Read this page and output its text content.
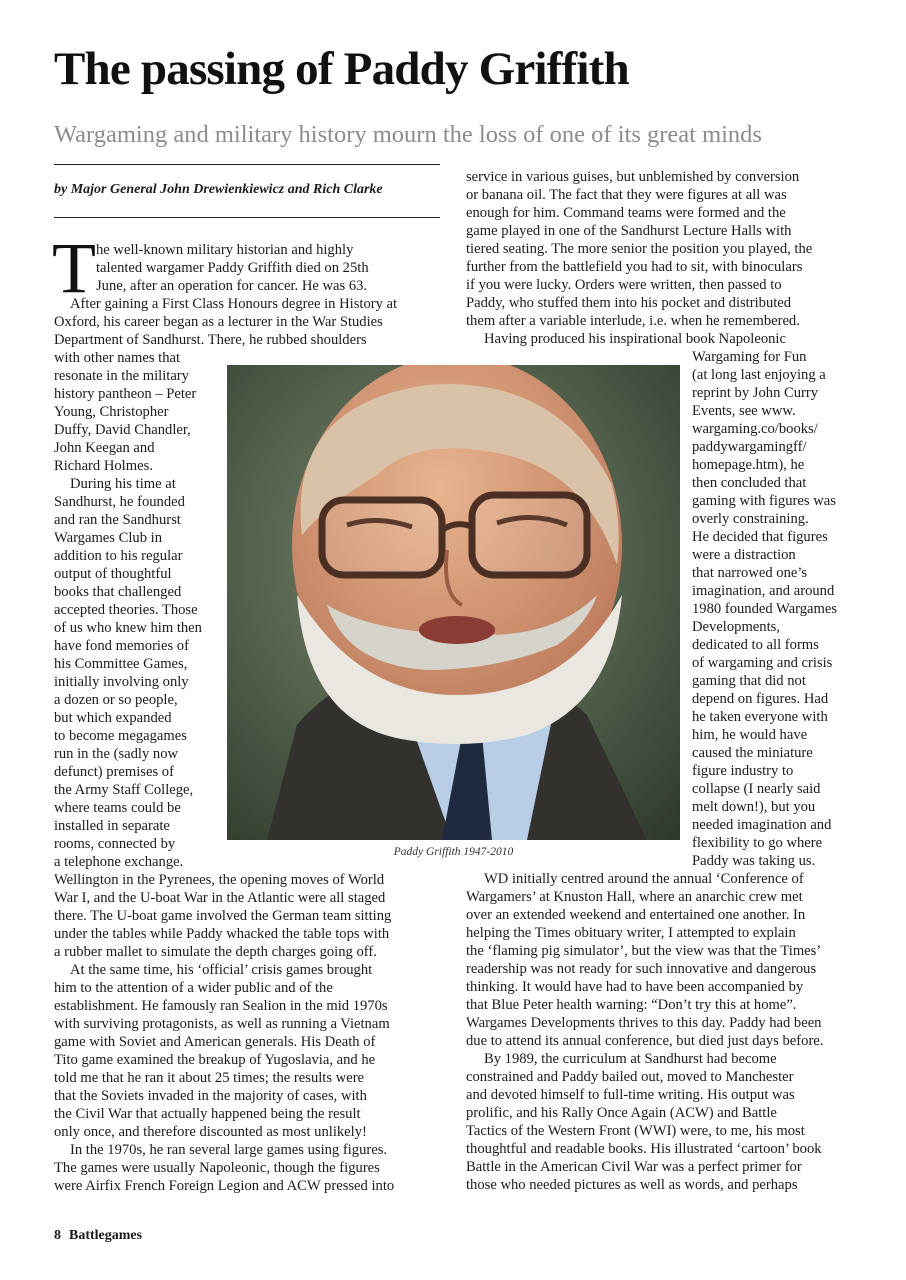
The passing of Paddy Griffith
Wargaming and military history mourn the loss of one of its great minds
by Major General John Drewienkiewicz and Rich Clarke
T he well-known military historian and highly
talented wargamer Paddy Griffith died on 25th
June, after an operation for cancer. He was 63.
After gaining a First Class Honours degree in History at
Oxford, his career began as a lecturer in the War Studies
Department of Sandhurst. There, he rubbed shoulders
with other names that
resonate in the military
history pantheon – Peter
Young, Christopher
Duffy, David Chandler,
John Keegan and
Richard Holmes.
During his time at
Sandhurst, he founded
and ran the Sandhurst
Wargames Club in
addition to his regular
output of thoughtful
books that challenged
accepted theories. Those
of us who knew him then
have fond memories of
his Committee Games,
initially involving only
a dozen or so people,
but which expanded
to become megagames
run in the (sadly now
defunct) premises of
the Army Staff College,
where teams could be
installed in separate
rooms, connected by
a telephone exchange.
Wellington in the Pyrenees, the opening moves of World
War I, and the U-boat War in the Atlantic were all staged
there. The U-boat game involved the German team sitting
under the tables while Paddy whacked the table tops with
a rubber mallet to simulate the depth charges going off.
At the same time, his ‘official’ crisis games brought
him to the attention of a wider public and of the
establishment. He famously ran Sealion in the mid 1970s
with surviving protagonists, as well as running a Vietnam
game with Soviet and American generals. His Death of
Tito game examined the breakup of Yugoslavia, and he
told me that he ran it about 25 times; the results were
that the Soviets invaded in the majority of cases, with
the Civil War that actually happened being the result
only once, and therefore discounted as most unlikely!
In the 1970s, he ran several large games using figures.
The games were usually Napoleonic, though the figures
were Airfix French Foreign Legion and ACW pressed into
service in various guises, but unblemished by conversion
or banana oil. The fact that they were figures at all was
enough for him. Command teams were formed and the
game played in one of the Sandhurst Lecture Halls with
tiered seating. The more senior the position you played, the
further from the battlefield you had to sit, with binoculars
if you were lucky. Orders were written, then passed to
Paddy, who stuffed them into his pocket and distributed
them after a variable interlude, i.e. when he remembered.
Having produced his inspirational book Napoleonic
Wargaming for Fun
(at long last enjoying a
reprint by John Curry
Events, see www.
wargaming.co/books/
paddywargamingff/
homepage.htm), he
then concluded that
gaming with figures was
overly constraining.
He decided that figures
were a distraction
that narrowed one’s
imagination, and around
1980 founded Wargames
Developments,
dedicated to all forms
of wargaming and crisis
gaming that did not
depend on figures. Had
he taken everyone with
him, he would have
caused the miniature
figure industry to
collapse (I nearly said
melt down!), but you
needed imagination and
flexibility to go where
Paddy was taking us.
WD initially centred around the annual ‘Conference of
Wargamers’ at Knuston Hall, where an anarchic crew met
over an extended weekend and entertained one another. In
helping the Times obituary writer, I attempted to explain
the ‘flaming pig simulator’, but the view was that the Times’
readership was not ready for such innovative and dangerous
thinking. It would have had to have been accompanied by
that Blue Peter health warning: “Don’t try this at home”.
Wargames Developments thrives to this day. Paddy had been
due to attend its annual conference, but died just days before.
By 1989, the curriculum at Sandhurst had become
constrained and Paddy bailed out, moved to Manchester
and devoted himself to full-time writing. His output was
prolific, and his Rally Once Again (ACW) and Battle
Tactics of the Western Front (WWI) were, to me, his most
thoughtful and readable books. His illustrated ‘cartoon’ book
Battle in the American Civil War was a perfect primer for
those who needed pictures as well as words, and perhaps
Paddy Griffith 1947-2010
8 Battlegames
